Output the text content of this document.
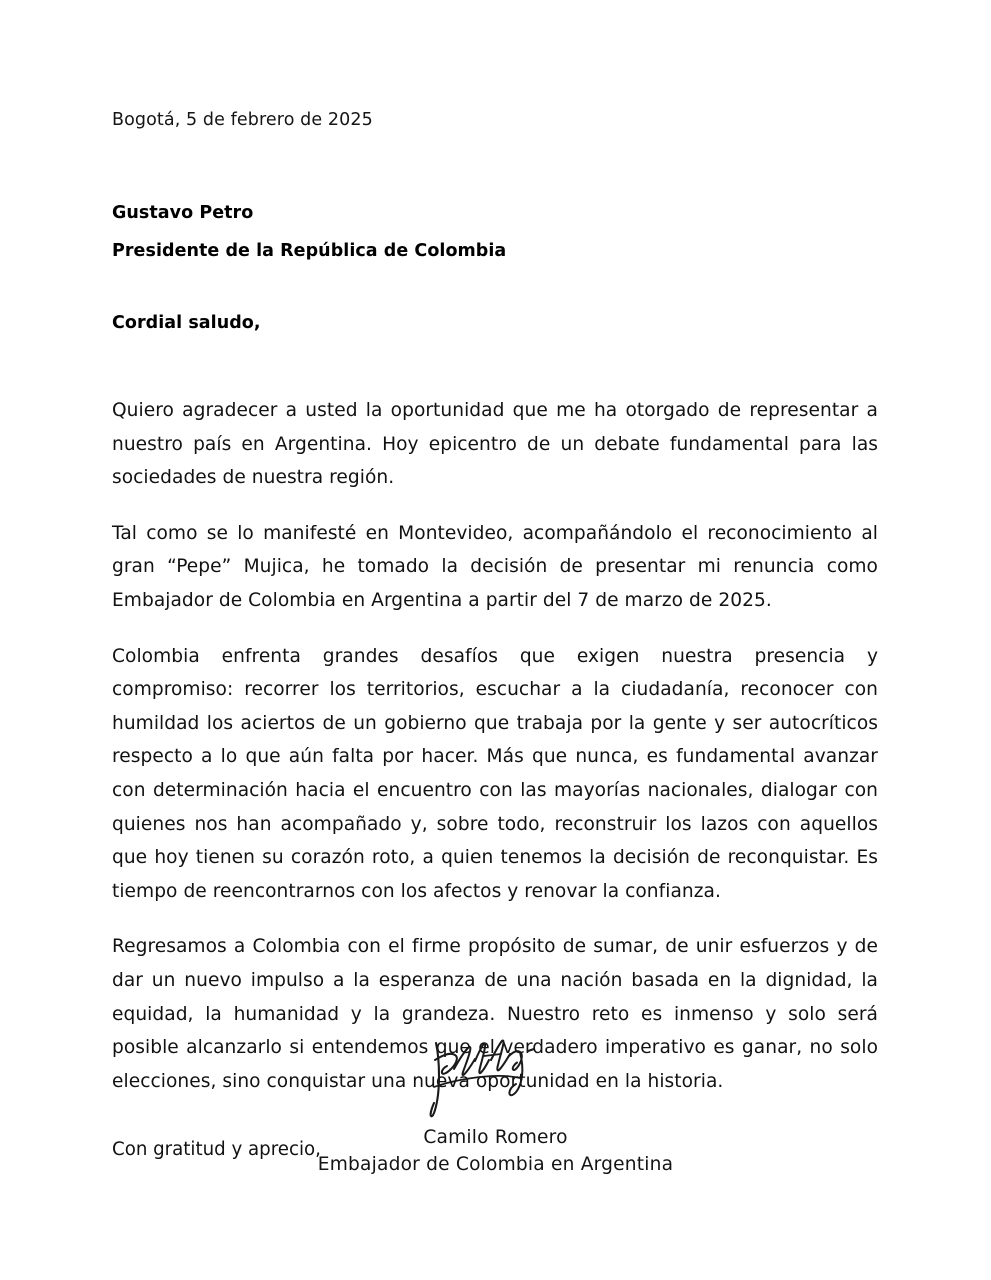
Bogotá, 5 de febrero de 2025
Gustavo Petro
Presidente de la República de Colombia
Cordial saludo,

Quiero agradecer a usted la oportunidad que me ha otorgado de representar a nuestro país en Argentina. Hoy epicentro de un debate fundamental para las sociedades de nuestra región.

Tal como se lo manifesté en Montevideo, acompañándolo el reconocimiento al gran “Pepe” Mujica, he tomado la decisión de presentar mi renuncia como Embajador de Colombia en Argentina a partir del 7 de marzo de 2025.

Colombia enfrenta grandes desafíos que exigen nuestra presencia y compromiso: recorrer los territorios, escuchar a la ciudadanía, reconocer con humildad los aciertos de un gobierno que trabaja por la gente y ser autocríticos respecto a lo que aún falta por hacer. Más que nunca, es fundamental avanzar con determinación hacia el encuentro con las mayorías nacionales, dialogar con quienes nos han acompañado y, sobre todo, reconstruir los lazos con aquellos que hoy tienen su corazón roto, a quien tenemos la decisión de reconquistar. Es tiempo de reencontrarnos con los afectos y renovar la confianza.

Regresamos a Colombia con el firme propósito de sumar, de unir esfuerzos y de dar un nuevo impulso a la esperanza de una nación basada en la dignidad, la equidad, la humanidad y la grandeza. Nuestro reto es inmenso y solo será posible alcanzarlo si entendemos que el verdadero imperativo es ganar, no solo elecciones, sino conquistar una nueva oportunidad en la historia.

Con gratitud y aprecio,
Camilo Romero
Embajador de Colombia en Argentina
